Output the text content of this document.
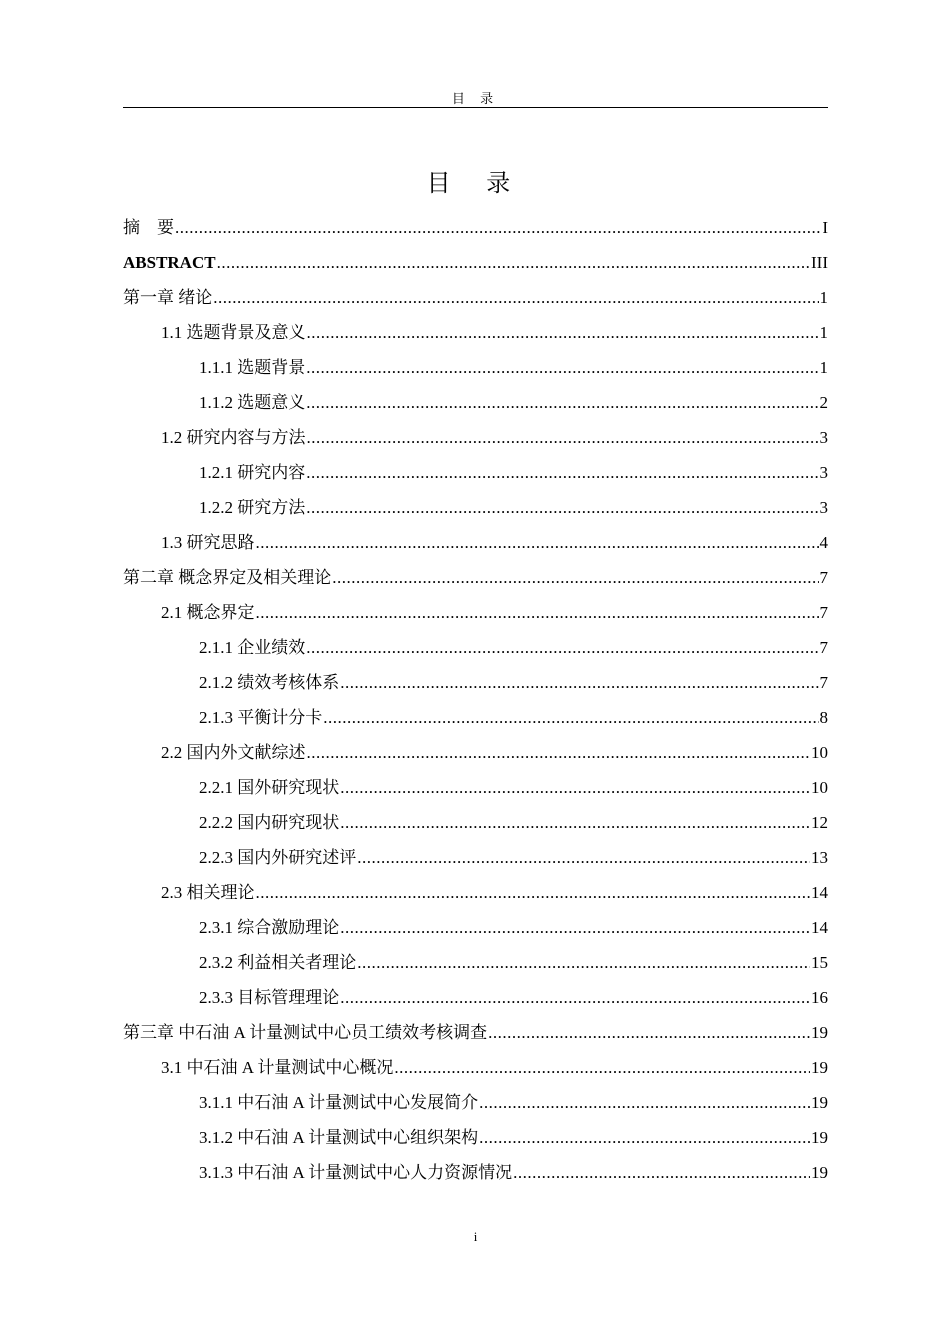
目 录
目 录
摘　要 .....	I
ABSTRACT .....	III
第一章 绪论 .....	1
1.1 选题背景及意义 .....	1
1.1.1 选题背景 .....	1
1.1.2 选题意义 .....	2
1.2 研究内容与方法 .....	3
1.2.1 研究内容 .....	3
1.2.2 研究方法 .....	3
1.3 研究思路 .....	4
第二章 概念界定及相关理论 .....	7
2.1 概念界定 .....	7
2.1.1 企业绩效 .....	7
2.1.2 绩效考核体系 .....	7
2.1.3 平衡计分卡 .....	8
2.2 国内外文献综述 .....	10
2.2.1 国外研究现状 .....	10
2.2.2 国内研究现状 .....	12
2.2.3 国内外研究述评 .....	13
2.3 相关理论 .....	14
2.3.1 综合激励理论 .....	14
2.3.2 利益相关者理论 .....	15
2.3.3 目标管理理论 .....	16
第三章 中石油 A 计量测试中心员工绩效考核调查 .....	19
3.1 中石油 A 计量测试中心概况 .....	19
3.1.1 中石油 A 计量测试中心发展简介 .....	19
3.1.2 中石油 A 计量测试中心组织架构 .....	19
3.1.3 中石油 A 计量测试中心人力资源情况 .....	19
i
